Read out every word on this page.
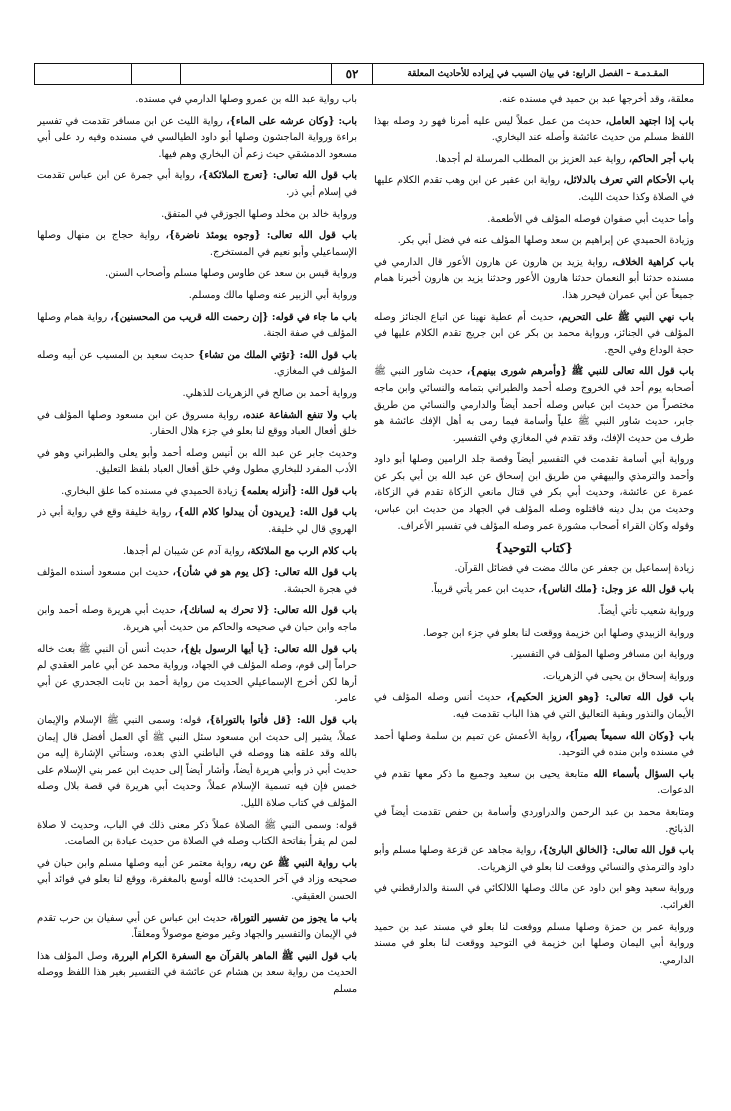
المقـدمـة – الفصل الرابع: في بيان السبب في إيراده للأحاديث المعلقة
٥٢

معلقة، وقد أخرجها عبد بن حميد في مسنده عنه.

باب إذا اجتهد العامل، حديث من عمل عملاً ليس عليه أمرنا فهو رد وصله بهذا اللفظ مسلم من حديث عائشة وأصله عند البخاري.

باب أجر الحاكم، رواية عبد العزيز بن المطلب المرسلة لم أجدها.

باب الأحكام التي تعرف بالدلائل، رواية ابن عفير عن ابن وهب تقدم الكلام عليها في الصلاة وكذا حديث الليث.

وأما حديث أبي صفوان فوصله المؤلف في الأطعمة.

وزيادة الحميدي عن إبراهيم بن سعد وصلها المؤلف عنه في فضل أبي بكر.

باب كراهية الخلاف، رواية يزيد بن هارون عن هارون الأعور قال الدارمي في مسنده حدثنا أبو النعمان حدثنا هارون الأعور وحدثنا يزيد بن هارون أخبرنا همام جميعاً عن أبي عمران فيحرر هذا.

باب نهي النبي ﷺ على التحريم، حديث أم عطية نهينا عن اتباع الجنائز وصله المؤلف في الجنائز، ورواية محمد بن بكر عن ابن جريج تقدم الكلام عليها في حجة الوداع وفي الحج.

باب قول الله تعالى للنبي ﷺ {وأمرهم شورى بينهم}، حديث شاور النبي ﷺ أصحابه يوم أحد في الخروج وصله أحمد والطبراني بتمامه والنسائي وابن ماجه مختصراً من حديث ابن عباس وصله أحمد أيضاً والدارمي والنسائي من طريق جابر، حديث شاور النبي ﷺ علياً وأسامة فيما رمى به أهل الإفك عائشة هو طرف من حديث الإفك، وقد تقدم في المغازي وفي التفسير.

ورواية أبي أسامة تقدمت في التفسير أيضاً وقصة جلد الرامين وصلها أبو داود وأحمد والترمذي والبيهقي من طريق ابن إسحاق عن عبد الله بن أبي بكر عن عمرة عن عائشة، وحديث أبي بكر في قتال مانعي الزكاة تقدم في الزكاة، وحديث من بدل دينه فاقتلوه وصله المؤلف في الجهاد من حديث ابن عباس، وقوله وكان القراء أصحاب مشورة عمر وصله المؤلف في تفسير الأعراف.

{كتاب التوحيد}

زيادة إسماعيل بن جعفر عن مالك مضت في فضائل القرآن.

باب قول الله عز وجل: {ملك الناس}، حديث ابن عمر يأتي قريباً.

ورواية شعيب تأتي أيضاً.

ورواية الزبيدي وصلها ابن خزيمة ووقعت لنا بعلو في جزء ابن جوصا.

ورواية ابن مسافر وصلها المؤلف في التفسير.

ورواية إسحاق بن يحيى في الزهريات.

باب قول الله تعالى: {وهو العزيز الحكيم}، حديث أنس وصله المؤلف في الأيمان والنذور وبقية التعاليق التي في هذا الباب تقدمت فيه.

باب {وكان الله سميعاً بصيراً}، رواية الأعمش عن تميم بن سلمة وصلها أحمد في مسنده وابن منده في التوحيد.

باب السؤال بأسماء الله متابعة يحيى بن سعيد وجميع ما ذكر معها تقدم في الدعوات.

ومتابعة محمد بن عبد الرحمن والدراوردي وأسامة بن حفص تقدمت أيضاً في الذبائح.

باب قول الله تعالى: {الخالق البارئ}، رواية مجاهد عن قزعة وصلها مسلم وأبو داود والترمذي والنسائي ووقعت لنا بعلو في الزهريات.

ورواية سعيد وهو ابن داود عن مالك وصلها اللالكائي في السنة والدارقطني في الغرائب.

ورواية عمر بن حمزة وصلها مسلم ووقعت لنا بعلو في مسند عبد بن حميد ورواية أبي اليمان وصلها ابن خزيمة في التوحيد ووقعت لنا بعلو في مسند الدارمي.

باب رواية عبد الله بن عمرو وصلها الدارمي في مسنده.

باب: {وكان عرشه على الماء}، رواية الليث عن ابن مسافر تقدمت في تفسير براءة ورواية الماجشون وصلها أبو داود الطيالسي في مسنده وفيه رد على أبي مسعود الدمشقي حيث زعم أن البخاري وهم فيها.

باب قول الله تعالى: {تعرج الملائكة}، رواية أبي جمرة عن ابن عباس تقدمت في إسلام أبي ذر.

ورواية خالد بن مخلد وصلها الجوزقي في المتفق.

باب قول الله تعالى: {وجوه يومئذ ناضرة}، رواية حجاج بن منهال وصلها الإسماعيلي وأبو نعيم في المستخرج.

ورواية قيس بن سعد عن طاوس وصلها مسلم وأصحاب السنن.

ورواية أبي الزبير عنه وصلها مالك ومسلم.

باب ما جاء في قوله: {إن رحمت الله قريب من المحسنين}، رواية همام وصلها المؤلف في صفة الجنة.

باب قول الله: {تؤتي الملك من تشاء} حديث سعيد بن المسيب عن أبيه وصله المؤلف في المغازي.

ورواية أحمد بن صالح في الزهريات للذهلي.

باب ولا تنفع الشفاعة عنده، رواية مسروق عن ابن مسعود وصلها المؤلف في خلق أفعال العباد ووقع لنا بعلو في جزء هلال الحفار.

وحديث جابر عن عبد الله بن أنيس وصله أحمد وأبو يعلى والطبراني وهو في الأدب المفرد للبخاري مطول وفي خلق أفعال العباد بلفظ التعليق.

باب قول الله: {أنزله بعلمه} زيادة الحميدي في مسنده كما علق البخاري.

باب قول الله: {يريدون أن يبدلوا كلام الله}، رواية خليفة وقع في رواية أبي ذر الهروي قال لي خليفة.

باب كلام الرب مع الملائكة، رواية آدم عن شيبان لم أجدها.

باب قول الله تعالى: {كل يوم هو في شأن}، حديث ابن مسعود أسنده المؤلف في هجرة الحبشة.

باب قول الله تعالى: {لا تحرك به لسانك}، حديث أبي هريرة وصله أحمد وابن ماجه وابن حبان في صحيحه والحاكم من حديث أبي هريرة.

باب قول الله تعالى: {يا أيها الرسول بلغ}، حديث أنس أن النبي ﷺ بعث خاله حراماً إلى قوم، وصله المؤلف في الجهاد، ورواية محمد عن أبي عامر العقدي لم أرها لكن أخرج الإسماعيلي الحديث من رواية أحمد بن ثابت الجحدري عن أبي عامر.

باب قول الله: {قل فأتوا بالتوراة}، قوله: وسمى النبي ﷺ الإسلام والإيمان عملاً، يشير إلى حديث ابن مسعود سئل النبي ﷺ أي العمل أفضل قال إيمان بالله وقد علقه هنا ووصله في الباطني الذي بعده، وستأتي الإشارة إليه من حديث أبي ذر وأبي هريرة أيضاً، وأشار أيضاً إلى حديث ابن عمر بني الإسلام على خمس فإن فيه تسمية الإسلام عملاً، وحديث أبي هريرة في قصة بلال وصله المؤلف في كتاب صلاة الليل.

قوله: وسمى النبي ﷺ الصلاة عملاً ذكر معنى ذلك في الباب، وحديث لا صلاة لمن لم يقرأ بفاتحة الكتاب وصله في الصلاة من حديث عبادة بن الصامت.

باب رواية النبي ﷺ عن ربه، رواية معتمر عن أبيه وصلها مسلم وابن حبان في صحيحه وزاد في آخر الحديث: فالله أوسع بالمغفرة، ووقع لنا بعلو في فوائد أبي الحسن العقيقي.

باب ما يجوز من تفسير التوراة، حديث ابن عباس عن أبي سفيان بن حرب تقدم في الإيمان والتفسير والجهاد وغير موضع موصولاً ومعلقاً.

باب قول النبي ﷺ الماهر بالقرآن مع السفرة الكرام البررة، وصل المؤلف هذا الحديث من رواية سعد بن هشام عن عائشة في التفسير بغير هذا اللفظ ووصله مسلم
